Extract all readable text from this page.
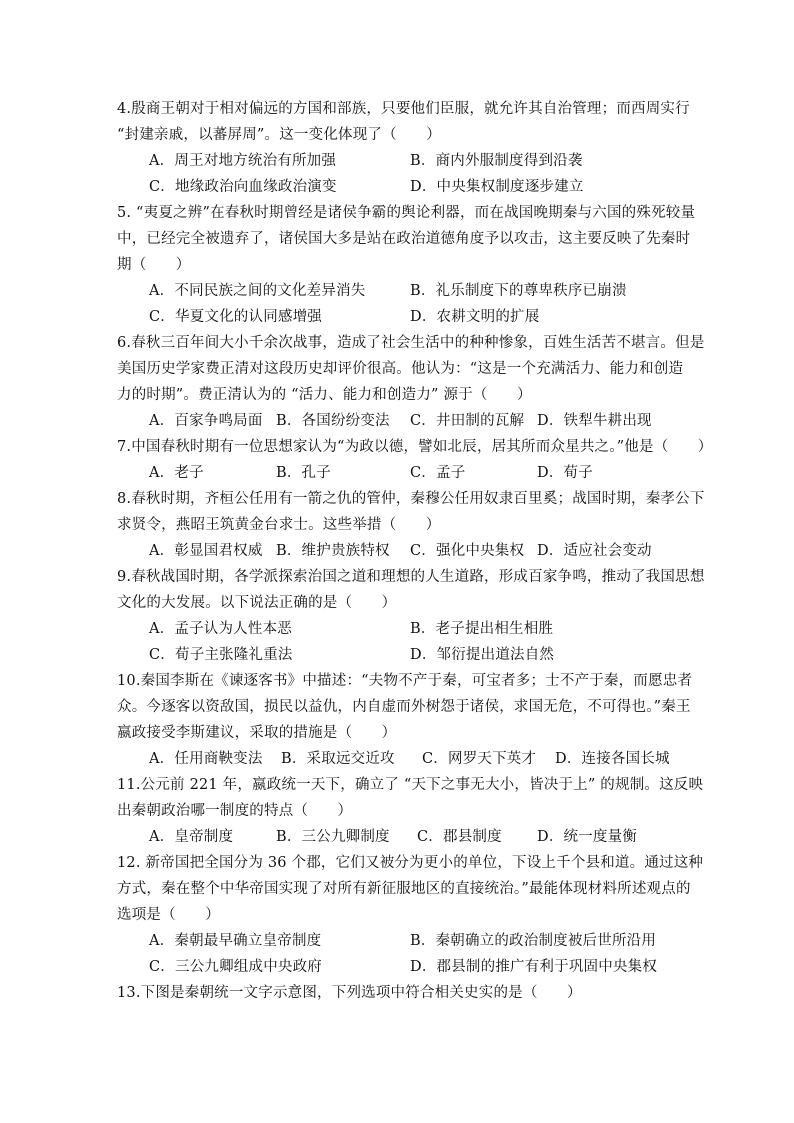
4.殷商王朝对于相对偏远的方国和部族，只要他们臣服，就允许其自治管理；而西周实行
“封建亲戚，以蕃屏周”。这一变化体现了（　　）
A．周王对地方统治有所加强	B．商内外服制度得到沿袭
C．地缘政治向血缘政治演变	D．中央集权制度逐步建立
5. “夷夏之辨”在春秋时期曾经是诸侯争霸的舆论利器，而在战国晚期秦与六国的殊死较量
中，已经完全被遗弃了，诸侯国大多是站在政治道德角度予以攻击，这主要反映了先秦时
期（　　）
A．不同民族之间的文化差异消失	B．礼乐制度下的尊卑秩序已崩溃
C．华夏文化的认同感增强	D．农耕文明的扩展
6.春秋三百年间大小千余次战事，造成了社会生活中的种种惨象，百姓生活苦不堪言。但是
美国历史学家费正清对这段历史却评价很高。他认为：“这是一个充满活力、能力和创造
力的时期”。费正清认为的 “活力、能力和创造力” 源于（　　）
A．百家争鸣局面 B．各国纷纷变法 C．井田制的瓦解 D．铁犁牛耕出现
7.中国春秋时期有一位思想家认为“为政以德，譬如北辰，居其所而众星共之。”他是（　　）
A．老子	B．孔子	C．孟子	D．荀子
8.春秋时期，齐桓公任用有一箭之仇的管仲，秦穆公任用奴隶百里奚；战国时期，秦孝公下
求贤令，燕昭王筑黄金台求士。这些举措（　　）
A．彰显国君权威 B．维护贵族特权 C．强化中央集权 D．适应社会变动
9.春秋战国时期，各学派探索治国之道和理想的人生道路，形成百家争鸣，推动了我国思想
文化的大发展。以下说法正确的是（　　）
A．孟子认为人性本恶	B．老子提出相生相胜
C．荀子主张隆礼重法	D．邹衍提出道法自然
10.秦国李斯在《谏逐客书》中描述：“夫物不产于秦，可宝者多；士不产于秦，而愿忠者
众。今逐客以资敌国，损民以益仇，内自虚而外树怨于诸侯，求国无危，不可得也。”秦王
嬴政接受李斯建议，采取的措施是（　　）
A．任用商鞅变法 B．采取远交近攻 C．网罗天下英才 D．连接各国长城
11.公元前 221 年，嬴政统一天下，确立了 “天下之事无大小，皆决于上” 的规制。这反映
出秦朝政治哪一制度的特点（　　）
A．皇帝制度	B．三公九卿制度 C．郡县制度 D．统一度量衡
12. 新帝国把全国分为 36 个郡，它们又被分为更小的单位，下设上千个县和道。通过这种
方式，秦在整个中华帝国实现了对所有新征服地区的直接统治。”最能体现材料所述观点的
选项是（　　）
A．秦朝最早确立皇帝制度	B．秦朝确立的政治制度被后世所沿用
C．三公九卿组成中央政府	D．郡县制的推广有利于巩固中央集权
13.下图是秦朝统一文字示意图，下列选项中符合相关史实的是（　　）
